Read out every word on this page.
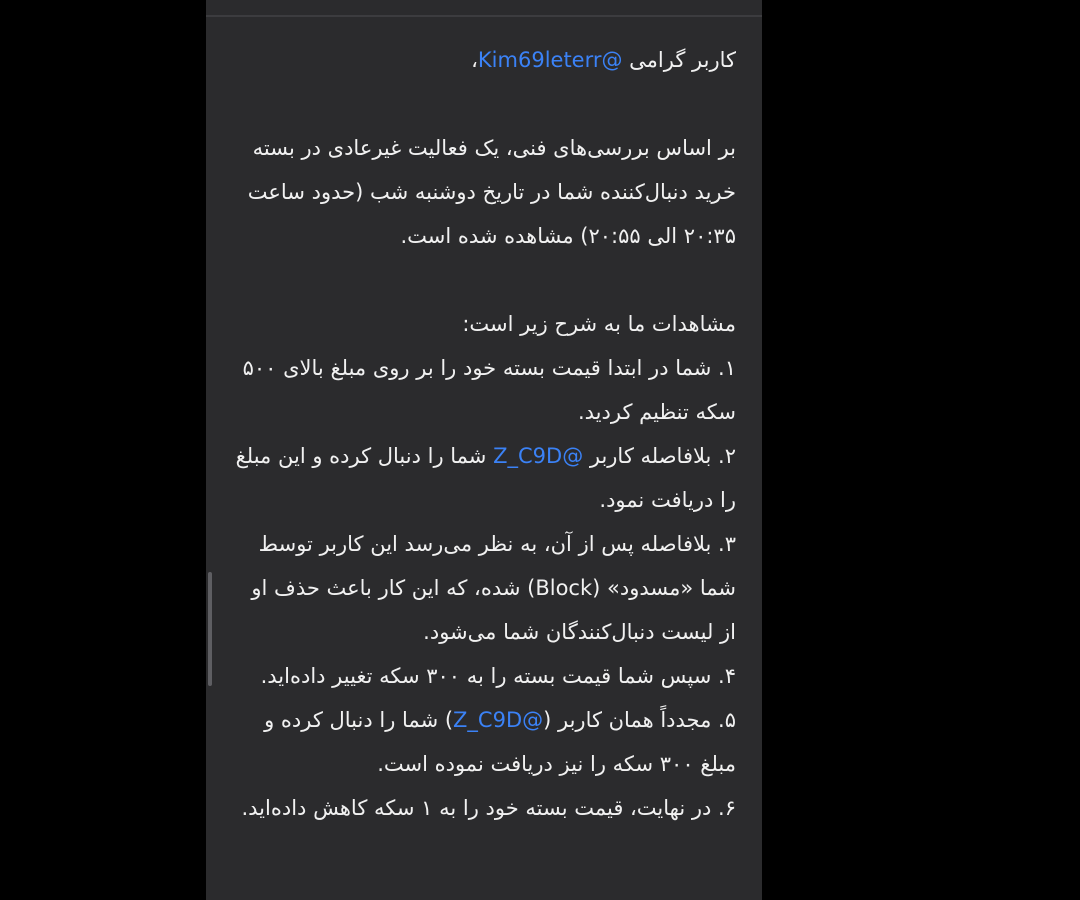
کاربر گرامی @Kim69leterr،

بر اساس بررسی‌های فنی، یک فعالیت غیرعادی در بسته خرید دنبال‌کننده شما در تاریخ دوشنبه شب (حدود ساعت ۲۰:۳۵ الی ۲۰:۵۵) مشاهده شده است.

مشاهدات ما به شرح زیر است:

۱. شما در ابتدا قیمت بسته خود را بر روی مبلغ بالای ۵۰۰ سکه تنظیم کردید.

۲. بلافاصله کاربر @Z_C9D شما را دنبال کرده و این مبلغ را دریافت نمود.

۳. بلافاصله پس از آن، به نظر می‌رسد این کاربر توسط شما «مسدود» (Block) شده، که این کار باعث حذف او از لیست دنبال‌کنندگان شما می‌شود.

۴. سپس شما قیمت بسته را به ۳۰۰ سکه تغییر داده‌اید.

۵. مجدداً همان کاربر (@Z_C9D) شما را دنبال کرده و مبلغ ۳۰۰ سکه را نیز دریافت نموده است.

۶. در نهایت، قیمت بسته خود را به ۱ سکه کاهش داده‌اید.
